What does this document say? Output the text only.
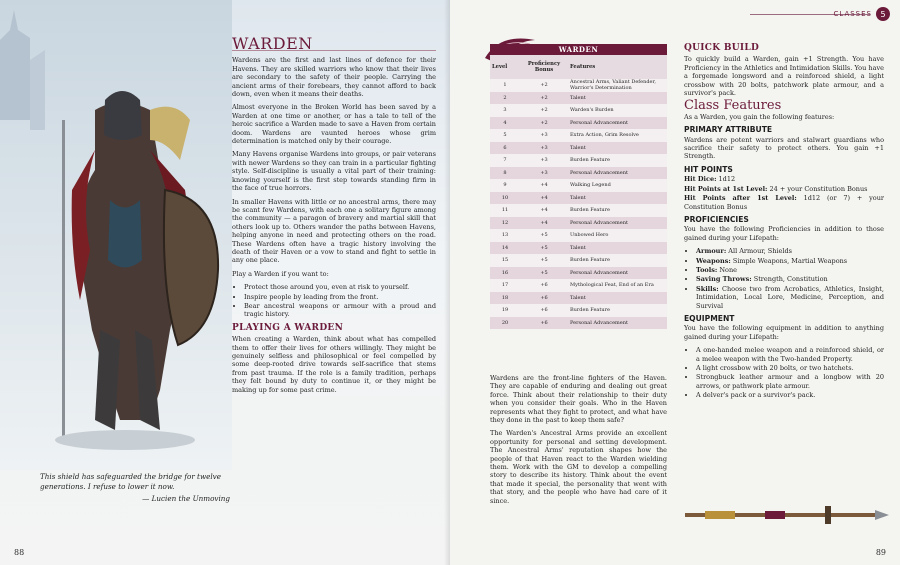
This shield has safeguarded the bridge for twelve generations. I refuse to lower it now.
— Lucien the Unmoving
88
WARDEN

Wardens are the first and last lines of defence for their Havens. They are skilled warriors who know that their lives are secondary to the safety of their people. Carrying the ancient arms of their forebears, they cannot afford to back down, even when it means their deaths.

Almost everyone in the Broken World has been saved by a Warden at one time or another, or has a tale to tell of the heroic sacrifice a Warden made to save a Haven from certain doom. Wardens are vaunted heroes whose grim determination is matched only by their courage.

Many Havens organise Wardens into groups, or pair veterans with newer Wardens so they can train in a particular fighting style. Self-discipline is usually a vital part of their training: knowing yourself is the first step towards standing firm in the face of true horrors.

In smaller Havens with little or no ancestral arms, there may be scant few Wardens, with each one a solitary figure among the community — a paragon of bravery and martial skill that others look up to. Others wander the paths between Havens, helping anyone in need and protecting others on the road. These Wardens often have a tragic history involving the death of their Haven or a vow to stand and fight to settle in any one place.

Play a Warden if you want to:

• Protect those around you, even at risk to yourself.
• Inspire people by leading from the front.
• Bear ancestral weapons or armour with a proud and tragic history.
PLAYING A WARDEN

When creating a Warden, think about what has compelled them to offer their lives for others willingly. They might be genuinely selfless and philosophical or feel compelled by some deep-rooted drive towards self-sacrifice that stems from past trauma. If the role is a family tradition, perhaps they felt bound by duty to continue it, or they might be making up for some past crime.

CLASSES	5
WARDEN
Level	Proficiency Bonus	Features
1	+2	Ancestral Arms, Valiant Defender, Warrior's Determination
2	+2	Talent
3	+2	Warden's Burden
4	+2	Personal Advancement
5	+3	Extra Action, Grim Resolve
6	+3	Talent
7	+3	Burden Feature
8	+3	Personal Advancement
9	+4	Walking Legend
10	+4	Talent
11	+4	Burden Feature
12	+4	Personal Advancement
13	+5	Unbowed Hero
14	+5	Talent
15	+5	Burden Feature
16	+5	Personal Advancement
17	+6	Mythological Feat, End of an Era
18	+6	Talent
19	+6	Burden Feature
20	+6	Personal Advancement

Wardens are the front-line fighters of the Haven. They are capable of enduring and dealing out great force. Think about their relationship to their duty when you consider their goals. Who in the Haven represents what they fight to protect, and what have they done in the past to keep them safe?

The Warden's Ancestral Arms provide an excellent opportunity for personal and setting development. The Ancestral Arms' reputation shapes how the people of that Haven react to the Warden wielding them. Work with the GM to develop a compelling story to describe its history. Think about the event that made it special, the personality that went with that story, and the people who have had care of it since.

QUICK BUILD

To quickly build a Warden, gain +1 Strength. You have Proficiency in the Athletics and Intimidation Skills. You have a forgemade longsword and a reinforced shield, a light crossbow with 20 bolts, patchwork plate armour, and a survivor's pack.

Class Features

As a Warden, you gain the following features:

PRIMARY ATTRIBUTE

Wardens are potent warriors and stalwart guardians who sacrifice their safety to protect others. You gain +1 Strength.

HIT POINTS

Hit Dice: 1d12

Hit Points at 1st Level: 24 + your Constitution Bonus

Hit Points after 1st Level: 1d12 (or 7) + your Constitution Bonus

PROFICIENCIES

You have the following Proficiencies in addition to those gained during your Lifepath:

• Armour: All Armour, Shields
• Weapons: Simple Weapons, Martial Weapons
• Tools: None
• Saving Throws: Strength, Constitution
• Skills: Choose two from Acrobatics, Athletics, Insight, Intimidation, Local Lore, Medicine, Perception, and Survival
EQUIPMENT

You have the following equipment in addition to anything gained during your Lifepath:

• A one-handed melee weapon and a reinforced shield, or a melee weapon with the Two-handed Property.
• A light crossbow with 20 bolts, or two hatchets.
• Strongbuck leather armour and a longbow with 20 arrows, or pathwork plate armour.
• A delver's pack or a survivor's pack.
89
